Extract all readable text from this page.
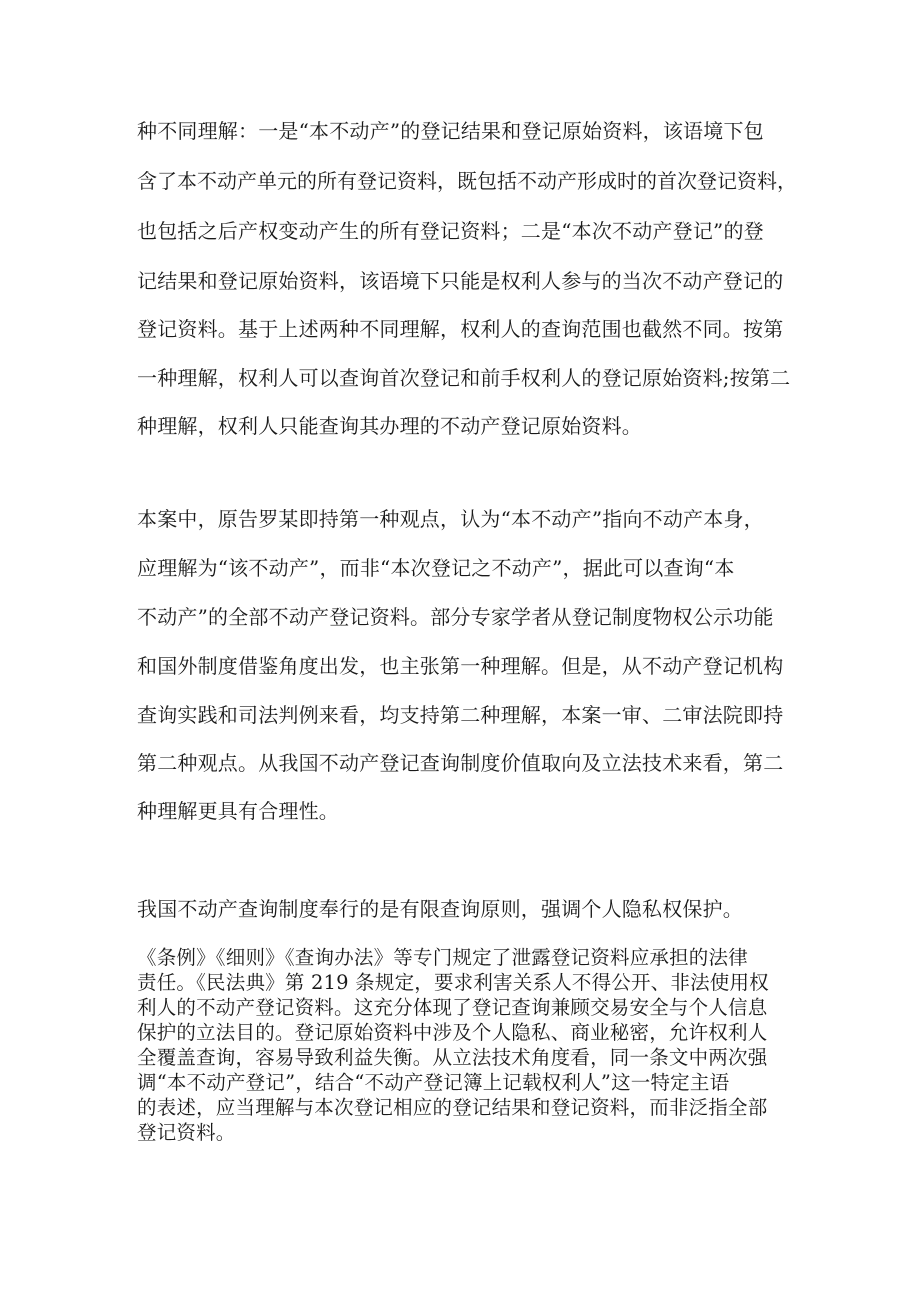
种不同理解：一是“本不动产”的登记结果和登记原始资料，该语境下包
含了本不动产单元的所有登记资料，既包括不动产形成时的首次登记资料，
也包括之后产权变动产生的所有登记资料；二是“本次不动产登记”的登
记结果和登记原始资料，该语境下只能是权利人参与的当次不动产登记的
登记资料。基于上述两种不同理解，权利人的查询范围也截然不同。按第
一种理解，权利人可以查询首次登记和前手权利人的登记原始资料;按第二
种理解，权利人只能查询其办理的不动产登记原始资料。
本案中，原告罗某即持第一种观点，认为“本不动产”指向不动产本身，
应理解为“该不动产”，而非“本次登记之不动产”，据此可以查询“本
不动产”的全部不动产登记资料。部分专家学者从登记制度物权公示功能
和国外制度借鉴角度出发，也主张第一种理解。但是，从不动产登记机构
查询实践和司法判例来看，均支持第二种理解，本案一审、二审法院即持
第二种观点。从我国不动产登记查询制度价值取向及立法技术来看，第二
种理解更具有合理性。
我国不动产查询制度奉行的是有限查询原则，强调个人隐私权保护。
《条例》《细则》《查询办法》等专门规定了泄露登记资料应承担的法律
责任。《民法典》第 219 条规定，要求利害关系人不得公开、非法使用权
利人的不动产登记资料。这充分体现了登记查询兼顾交易安全与个人信息
保护的立法目的。登记原始资料中涉及个人隐私、商业秘密，允许权利人
全覆盖查询，容易导致利益失衡。从立法技术角度看，同一条文中两次强
调“本不动产登记”，结合“不动产登记簿上记载权利人”这一特定主语
的表述，应当理解与本次登记相应的登记结果和登记资料，而非泛指全部
登记资料。
